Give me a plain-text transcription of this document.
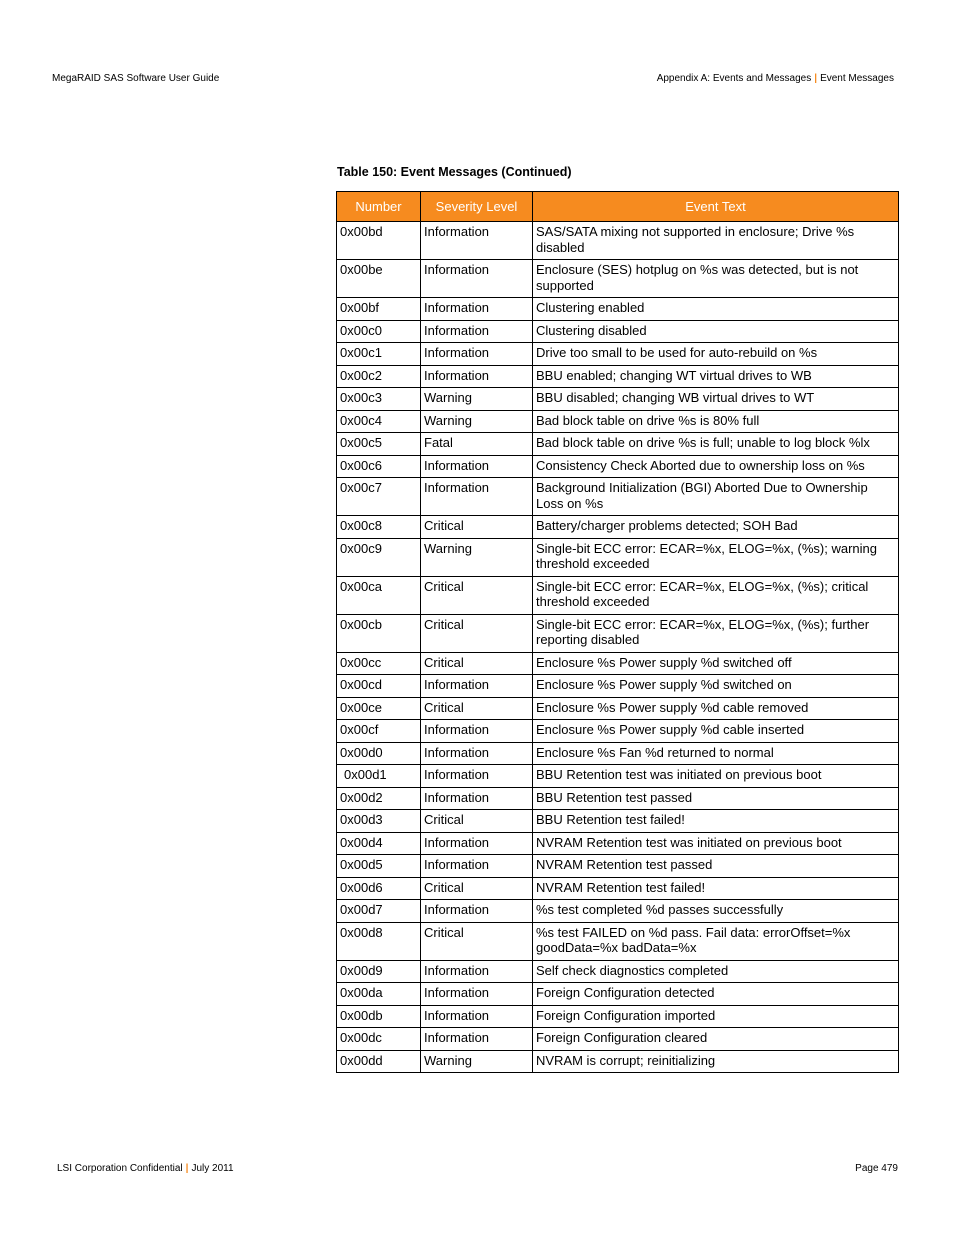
MegaRAID SAS Software User Guide	Appendix A: Events and Messages | Event Messages
Table 150: Event Messages (Continued)
Number	Severity Level	Event Text
0x00bd	Information	SAS/SATA mixing not supported in enclosure; Drive %s disabled
0x00be	Information	Enclosure (SES) hotplug on %s was detected, but is not supported
0x00bf	Information	Clustering enabled
0x00c0	Information	Clustering disabled
0x00c1	Information	Drive too small to be used for auto-rebuild on %s
0x00c2	Information	BBU enabled; changing WT virtual drives to WB
0x00c3	Warning	BBU disabled; changing WB virtual drives to WT
0x00c4	Warning	Bad block table on drive %s is 80% full
0x00c5	Fatal	Bad block table on drive %s is full; unable to log block %lx
0x00c6	Information	Consistency Check Aborted due to ownership loss on %s
0x00c7	Information	Background Initialization (BGI) Aborted Due to Ownership Loss on %s
0x00c8	Critical	Battery/charger problems detected; SOH Bad
0x00c9	Warning	Single-bit ECC error: ECAR=%x, ELOG=%x, (%s); warning threshold exceeded
0x00ca	Critical	Single-bit ECC error: ECAR=%x, ELOG=%x, (%s); critical threshold exceeded
0x00cb	Critical	Single-bit ECC error: ECAR=%x, ELOG=%x, (%s); further reporting disabled
0x00cc	Critical	Enclosure %s Power supply %d switched off
0x00cd	Information	Enclosure %s Power supply %d switched on
0x00ce	Critical	Enclosure %s Power supply %d cable removed
0x00cf	Information	Enclosure %s Power supply %d cable inserted
0x00d0	Information	Enclosure %s Fan %d returned to normal
0x00d1	Information	BBU Retention test was initiated on previous boot
0x00d2	Information	BBU Retention test passed
0x00d3	Critical	BBU Retention test failed!
0x00d4	Information	NVRAM Retention test was initiated on previous boot
0x00d5	Information	NVRAM Retention test passed
0x00d6	Critical	NVRAM Retention test failed!
0x00d7	Information	%s test completed %d passes successfully
0x00d8	Critical	%s test FAILED on %d pass. Fail data: errorOffset=%x goodData=%x badData=%x
0x00d9	Information	Self check diagnostics completed
0x00da	Information	Foreign Configuration detected
0x00db	Information	Foreign Configuration imported
0x00dc	Information	Foreign Configuration cleared
0x00dd	Warning	NVRAM is corrupt; reinitializing
LSI Corporation Confidential | July 2011	Page 479
